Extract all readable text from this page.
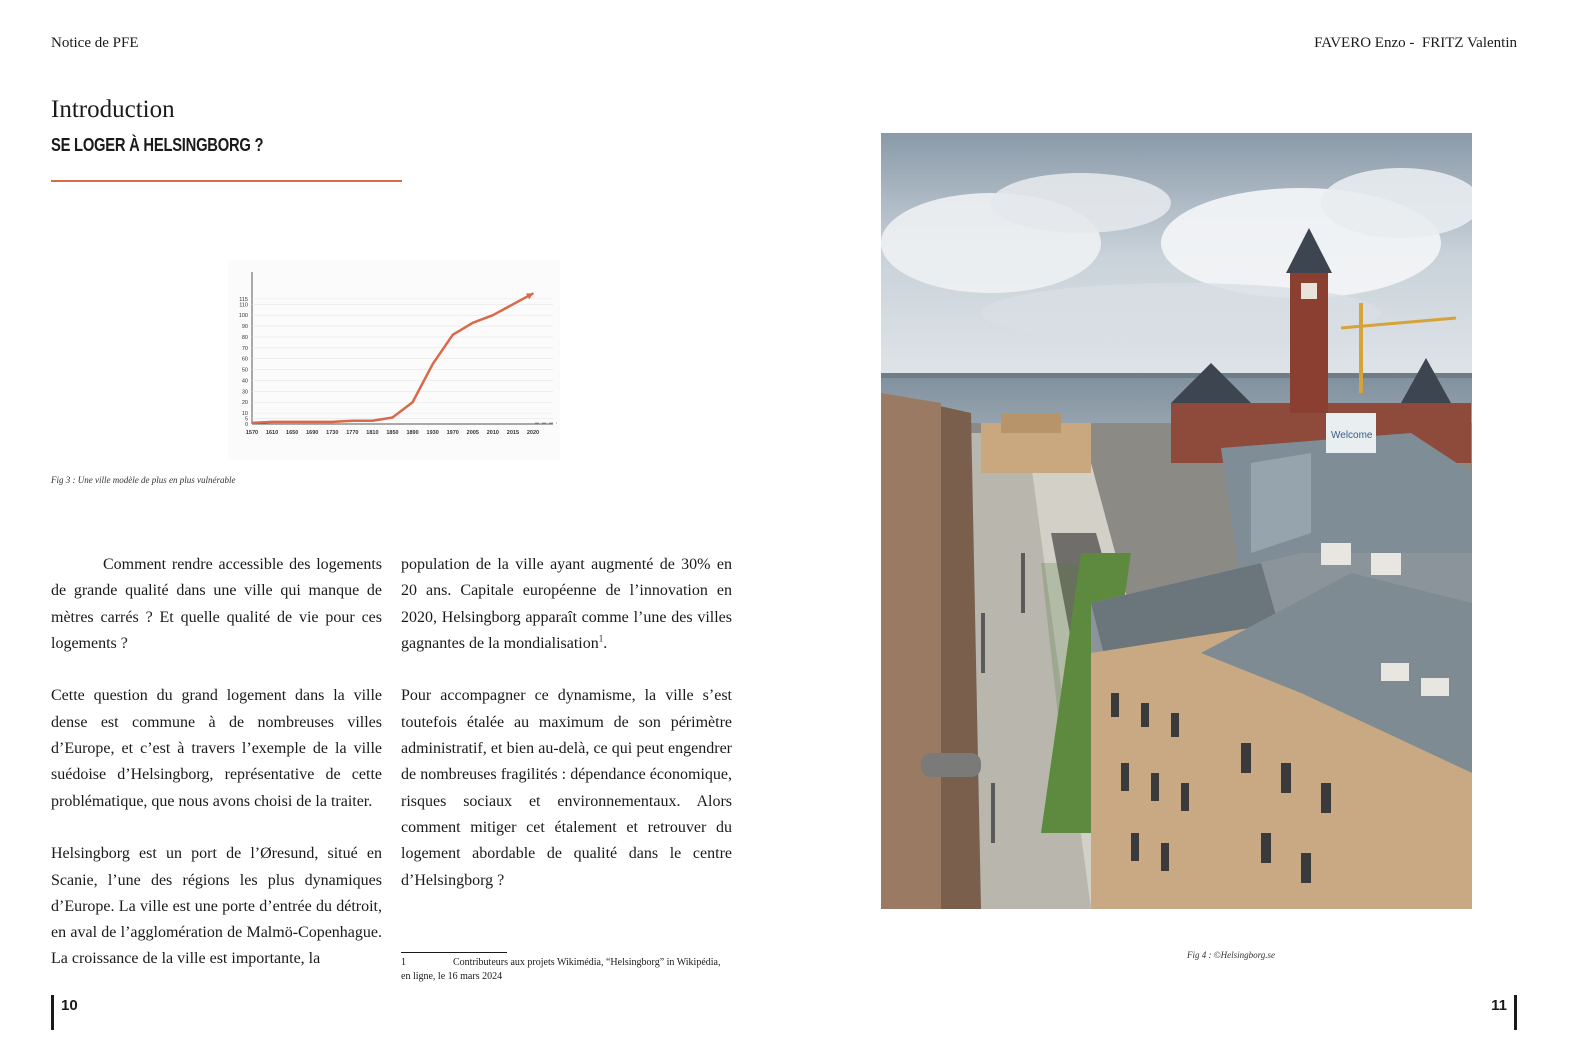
Notice de PFE	FAVERO Enzo -  FRITZ Valentin
Introduction
SE LOGER À HELSINGBORG ?
0
5
10
20
30
40
50
60
70
80
90
100
110
115
1570 1610 1650 1690 1730 1770 1810 1850 1890 1930 1970 2005 2010 2015 2020
Fig 3 : Une ville modèle de plus en plus vulnérable

Comment rendre accessible des logements de grande qualité dans une ville qui manque de mètres carrés ? Et quelle qualité de vie pour ces logements ?

Cette question du grand logement dans la ville dense est commune à de nombreuses villes d’Europe, et c’est à travers l’exemple de la ville suédoise d’Helsingborg, représentative de cette problématique, que nous avons choisi de la traiter.

Helsingborg est un port de l’Øresund, situé en Scanie, l’une des régions les plus dynamiques d’Europe. La ville est une porte d’entrée du détroit, en aval de l’agglomération de Malmö-Copenhague. La croissance de la ville est importante, la

population de la ville ayant augmenté de 30% en 20 ans. Capitale européenne de l’innovation en 2020, Helsingborg apparaît comme l’une des villes gagnantes de la mondialisation$^1$.

Pour accompagner ce dynamisme, la ville s’est toutefois étalée au maximum de son périmètre administratif, et bien au-delà, ce qui peut engendrer de nombreuses fragilités : dépendance économique, risques sociaux et environnementaux. Alors comment mitiger cet étalement et retrouver du logement abordable de qualité dans le centre d’Helsingborg ?

1	Contributeurs aux projets Wikimédia, “Helsingborg” in Wikipédia, en ligne, le 16 mars 2024
Welcome
Fig 4 : ©Helsingborg.se
10	11
